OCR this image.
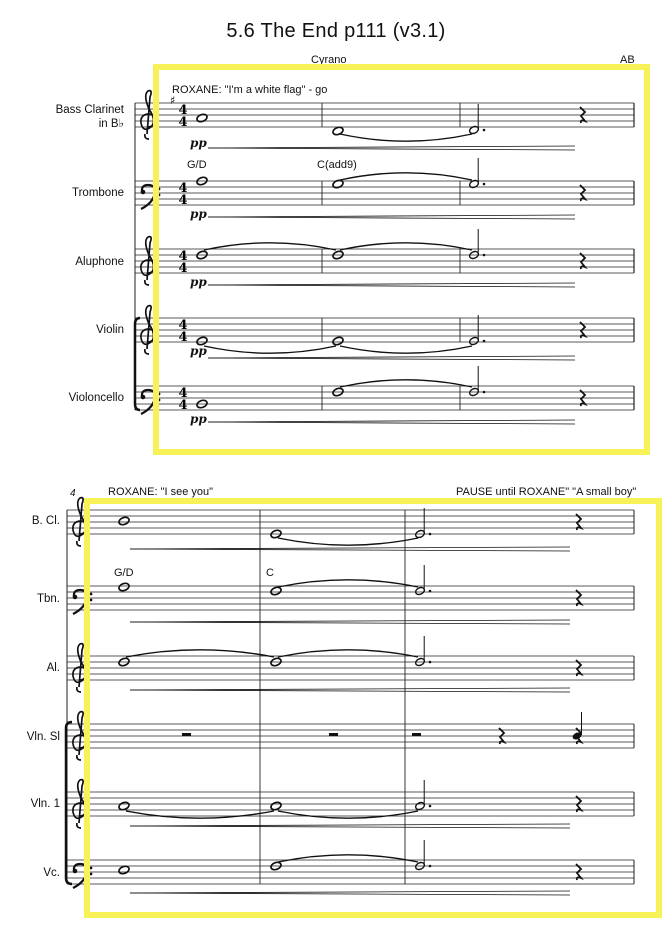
5.6 The End p111 (v3.1)
Cyrano	AB
4
4
4
4
4
4
4
4
4
4
♯
ROXANE: "I'm a white flag" - go
Bass Clarinet
in B♭
Trombone
Aluphone
Violin
Violoncello
G/D	C(add9)
pp
pp
pp
pp
pp
4	ROXANE: "I see you"	PAUSE until ROXANE" "A small boy"
B. Cl.
Tbn.
Al.
Vln. Sl
Vln. 1
Vc.
G/D	C
